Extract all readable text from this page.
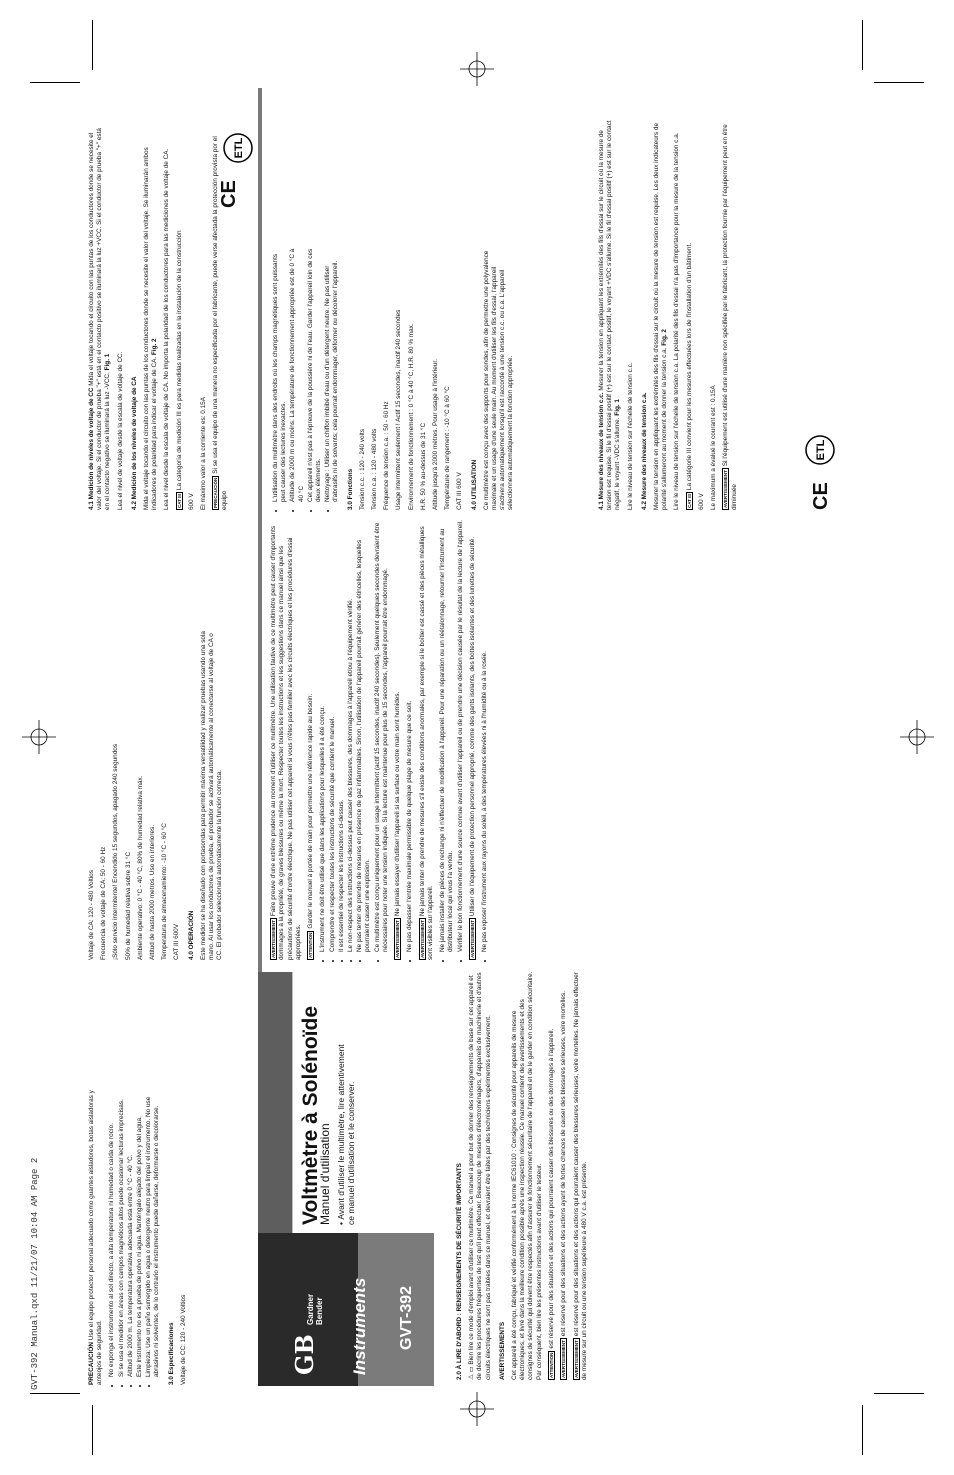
GVT-392 Manual.qxd 11/21/07 10:04 AM Page 2	GB
Gardner Bender Instruments GVT-392
Voltmètre à Solénoïde
Manuel d'utilisation • Avant d'utiliser le multimètre, lire attentivement ce manuel d'utilisation et le conserver.

PRECAUCIÓN Use el equipo protector personal adecuado como guantes aisladores, botas aisladoras y anteojos de seguridad. • No exponga el instrumento al sol directo, a alta temperatura ni humedad o caída de rocío. • Si se usa el medidor en áreas con campos magnéticos altos puede ocasionar lecturas imprecisas. • Altitud de 2000 m. La temperatura operativa adecuada está entre 0 °C - 40 °C. • Este instrumento no es a prueba de polvo ni agua. Manténgalo alejado del polvo y del agua. • Limpieza: Use un paño sumergido en agua o detergente neutro para limpiar el instrumento. No use abrasivos ni solventes, de lo contrario el instrumento puede dañarse, deformarse o decolorarse. 3.0 Especificaciones Voltaje de CC: 120 - 240 Voltios

Voltaje de CA: 120 - 480 Voltios Frecuencia de voltaje de CA: 50 - 60 Hz ¡Sólo servicio intermitente! Encendido 15 segundos, apagado 240 segundos 50% de humedad relativa sobre 31 °C Ambiente operativo: 0 °C - 40 °C, 80% de humedad relativa máx. Altitud de hasta 2000 metros. Uso en interiores. Temperatura de almacenamiento: -10 °C - 60 °C CAT III 600V 4.0 OPERACIÓN Este medidor se ha diseñado con portasondas para permitir máxima versatilidad y realizar pruebas usando una sola mano. Al usar los conductores de prueba, el probador se activará automáticamente al conectarse al voltaje de CA o CC. El probador seleccionará automáticamente la función correcta.

4.1 Medición de niveles de voltaje de CC Mida el voltaje tocando el circuito con las puntas de los conductores donde se necesite el valor del voltaje. Si el conductor de prueba "+" está en el contacto positivo se iluminará la luz +VCC. Si el conductor de prueba "+" está en el contacto negativo se iluminará la luz -VCC. Fig. 1 Lea el nivel de voltaje desde la escala de voltaje de CC. 4.2 Medición de los niveles de voltaje de CA Mida el voltaje tocando el circuito con las puntas de los conductores donde se necesite el valor del voltaje. Se iluminarán ambos indicadores de polaridad para indicar el voltaje de CA. Fig. 2 Lea el nivel desde la escala de voltaje de CA. No importa la polaridad de los conductores para las mediciones de voltaje de CA. CAT IIILa categoría de medición III es para medidas realizadas en la instalación de la construcción

600 V El máximo valor a la corriente es: 0.15A PRECAUCIÓNSi se usa el equipo de una manera no especificada por el fabricante, puede verse afectada la protección provista por el equipo

CE
ETL

2.0 À LIRE D'ABORD : RENSEIGNEMENTS DE SÉCURITÉ IMPORTANTS ⚠ ▭ Bien lire ce mode d'emploi avant d'utiliser ce multimètre. Ce manuel a pour but de donner des renseignements de base sur cet appareil et de décrire les procédures fréquentes de test qu'il peut effectuer. Beaucoup de mesures d'électroménagers, d'appareils de machinerie et d'autres circuits électriques ne sont pas traitées dans ce manuel, et devraient être faites par des techniciens expérimentés exclusivement. AVERTISSEMENTS Cet appareil a été conçu, fabriqué et vérifié conformément à la norme IEC61010 : Consignes de sécurité pour appareils de mesure électroniques, et livré dans la meilleure condition possible après une inspection réussie. Ce manuel contient des avertissements et des consignes de sécurité qui doivent être respectés afin d'assurer le fonctionnement sécuritaire de l'appareil et de le garder en condition sécuritaire. Par conséquent, bien lire les présentes instructions avant d'utiliser le testeur. ATTENTIONest réservé pour des situations et des actions qui pourraient causer des blessures ou des dommages à l'appareil.

AVERTISSEMENTest réservé pour des situations et des actions ayant de fortes chances de causer des blessures sérieuses, voire mortelles.

AVERTISSEMENTest réservé pour des situations et des actions qui pourraient causer des blessures sérieuses, voire mortelles. Ne jamais effectuer de mesure sur un circuit ou une tension supérieure à 480 V c.a. est présente.

AVERTISSEMENTFaire preuve d'une extrême prudence au moment d'utiliser ce multimètre. Une utilisation fautive de ce multimètre peut causer d'importants dommages à la propriété, de graves blessures ou même la mort. Respecter toutes les instructions et les suggestions dans ce manuel ainsi que les précautions de sécurité d'ordre électrique. Ne pas utiliser cet appareil si vous n'êtes pas familier avec les circuits électriques et les procédures d'essai appropriées. ATTENTIONGarder le manuel à portée de main pour permettre une référence rapide au besoin. • L'instrument ne doit être utilisé que dans les applications pour lesquelles il a été conçu. • Comprendre et respecter toutes les instructions de sécurité que contient le manuel. • Il est essentiel de respecter les instructions ci-dessus. • Le non-respect des instructions ci-dessus peut causer des blessures, des dommages à l'appareil et/ou à l'équipement vérifié. • Ne pas tenter de prendre de mesures en présence de gaz inflammables. Sinon, l'utilisation de l'appareil pourrait générer des étincelles, lesquelles pourraient causer une explosion. • Ce multimètre est conçu uniquement pour un usage intermittent (actif 15 secondes, inactif 240 secondes). Seulement quelques secondes devraient être nécessaires pour noter une tension indiquée. Si la lecture est maintenue pour plus de 15 secondes, l'appareil pourrait être endommagé. AVERTISSEMENTNe jamais essayer d'utiliser l'appareil si sa surface ou votre main sont humides. • Ne pas dépasser l'entrée maximale permissible de quelque plage de mesure que ce soit. AVERTISSEMENTNe jamais tenter de prendre de mesures s'il existe des conditions anormales, par exemple si le boîtier est cassé et des pièces métalliques sont visibles sur l'appareil. • Ne jamais installer de pièces de rechange ni n'effectuer de modification à l'appareil. Pour une réparation ou un réétalonnage, retourner l'instrument au distributeur local qui vous l'a vendu. • Vérifier le bon fonctionnement d'une source connue avant d'utiliser l'appareil ou de prendre une décision causée par le résultat de la lecture de l'appareil. AVERTISSEMENTUtiliser de l'équipement de protection personnel approprié, comme des gants isolants, des bottes isolantes et des lunettes de sécurité. • Ne pas exposer l'instrument aux rayons du soleil, à des températures élevées ni à l'humidité ou à la rosée.
• L'utilisation du multimètre dans des endroits où les champs magnétiques sont puissants peut causer des lectures inexactes. • Altitude de 2000 m ou moins. La température de fonctionnement appropriée est de 0 °C à 40 °C • Cet appareil n'est pas à l'épreuve de la poussière ni de l'eau. Garder l'appareil loin de ces deux éléments. • Nettoyage : Utiliser un chiffon imbibé d'eau ou d'un détergent neutre. Ne pas utiliser d'abrasifs ni de solvants; cela pourrait endommager, déformer ou décolorer l'appareil. 3.0 Fonctions Tension c.c. : 120 - 240 volts Tension c.a. : 120 - 480 volts Fréquence de tension c.a. : 50 - 60 Hz Usage intermittent seulement ! Actif 15 secondes, inactif 240 secondes Environnement de fonctionnement : 0 °C à 40 °C, H.R. 80 % max. H.R. 50 % au-dessus de 31 °C Altitude jusqu'à 2000 mètres. Pour usage à l'intérieur. Température de rangement : -10 °C à 60 °C CAT III 600 V 4.0 UTILISATION Ce multimètre est conçu avec des supports pour sondes, afin de permettre une polyvalence maximale et un usage d'une seule main. Au moment d'utiliser les fils d'essai, l'appareil s'activera automatiquement lorsqu'il est raccordé à une tension c.c. ou c.a. L'appareil sélectionnera automatiquement la fonction appropriée.	4.1 Mesure des niveaux de tension c.c. Mesurer la tension en appliquant les extrémités des fils d'essai sur le circuit où la mesure de tension est requise. Si le fil d'essai positif (+) est sur le contact positif, le voyant +VDC s'allume. Si le fil d'essai positif (+) est sur le contact négatif, le voyant -VDC s'allume. Fig. 1 Lire le niveau de tension sur l'échelle de tension c.c. 4.2 Mesure des niveaux de tension c.a. Mesurer la tension en appliquant les extrémités des fils d'essai sur le circuit où la mesure de tension est requise. Les deux indicateurs de polarité s'allumeront au moment de donner la tension c.a. Fig. 2 Lire le niveau de tension sur l'échelle de tension c.a. La polarité des fils d'essai n'a pas d'importance pour la mesure de la tension c.a. CAT IIILa catégorie III convient pour les mesures effectuées lors de l'installation d'un bâtiment.

600 V Le maximum a évalué le courant est : 0.15A AVERTISSEMENTSi l'équipement est utilisé d'une manière non spécifiée par le fabricant, la protection fournie par l'équipement peut en être diminuée	CE
ETL
